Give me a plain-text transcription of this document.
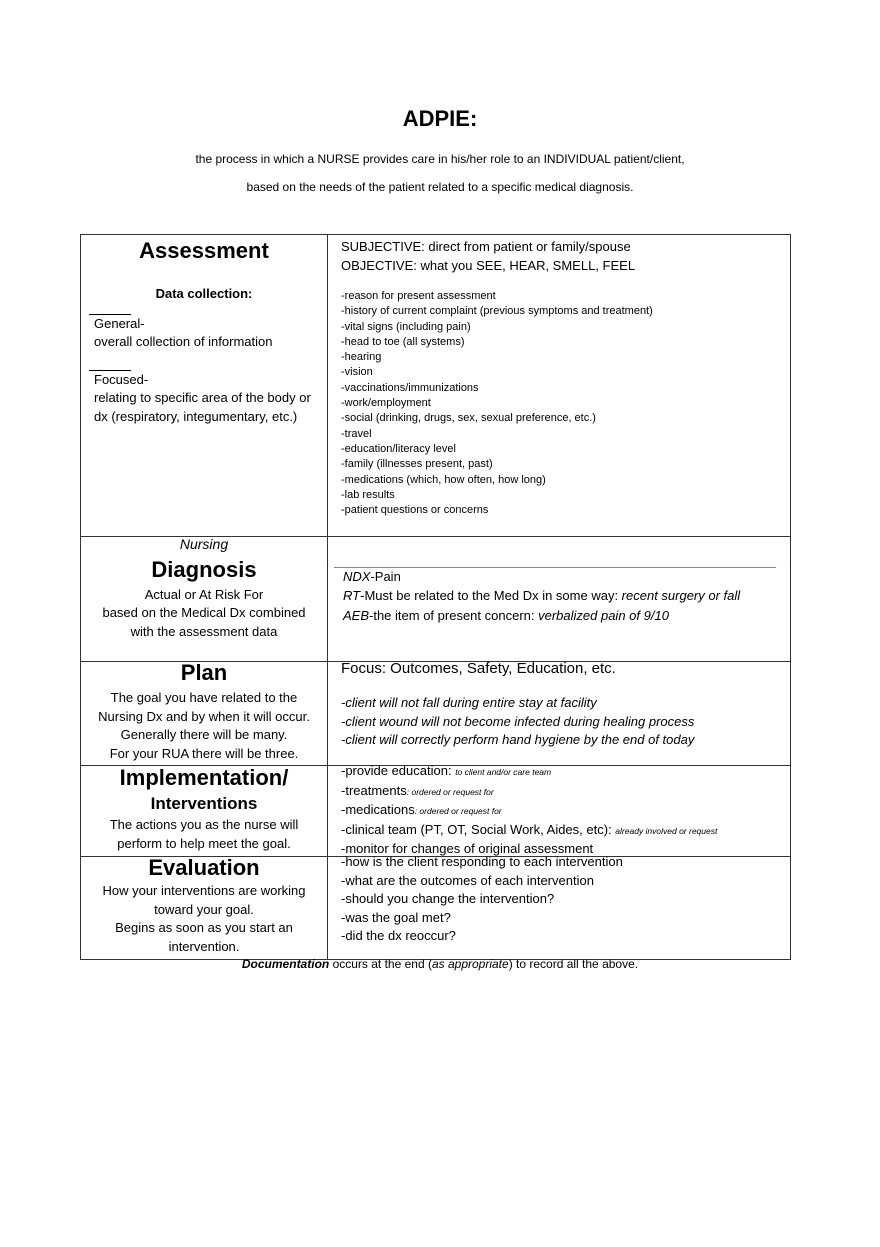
ADPIE:
the process in which a NURSE provides care in his/her role to an INDIVIDUAL patient/client,
based on the needs of the patient related to a specific medical diagnosis.
Assessment
Data collection:
General-
overall collection of information
Focused-
relating to specific area of the body or
dx (respiratory, integumentary, etc.)
SUBJECTIVE: direct from patient or family/spouse
OBJECTIVE: what you SEE, HEAR, SMELL, FEEL
-reason for present assessment
-history of current complaint (previous symptoms and treatment)
-vital signs (including pain)
-head to toe (all systems)
-hearing
-vision
-vaccinations/immunizations
-work/employment
-social (drinking, drugs, sex, sexual preference, etc.)
-travel
-education/literacy level
-family (illnesses present, past)
-medications (which, how often, how long)
-lab results
-patient questions or concerns
Nursing
Diagnosis
Actual or At Risk For
based on the Medical Dx combined
with the assessment data
NDX-Pain
RT-Must be related to the Med Dx in some way: recent surgery or fall
AEB-the item of present concern: verbalized pain of 9/10
Plan
The goal you have related to the
Nursing Dx and by when it will occur.
Generally there will be many.
For your RUA there will be three.
Focus: Outcomes, Safety, Education, etc.
-client will not fall during entire stay at facility
-client wound will not become infected during healing process
-client will correctly perform hand hygiene by the end of today
Implementation/
Interventions
The actions you as the nurse will
perform to help meet the goal.
-provide education: to client and/or care team
-treatments: ordered or request for
-medications: ordered or request for
-clinical team (PT, OT, Social Work, Aides, etc): already involved or request
-monitor for changes of original assessment
Evaluation
How your interventions are working
toward your goal.
Begins as soon as you start an
intervention.
-how is the client responding to each intervention
-what are the outcomes of each intervention
-should you change the intervention?
-was the goal met?
-did the dx reoccur?
Documentation occurs at the end (as appropriate) to record all the above.
